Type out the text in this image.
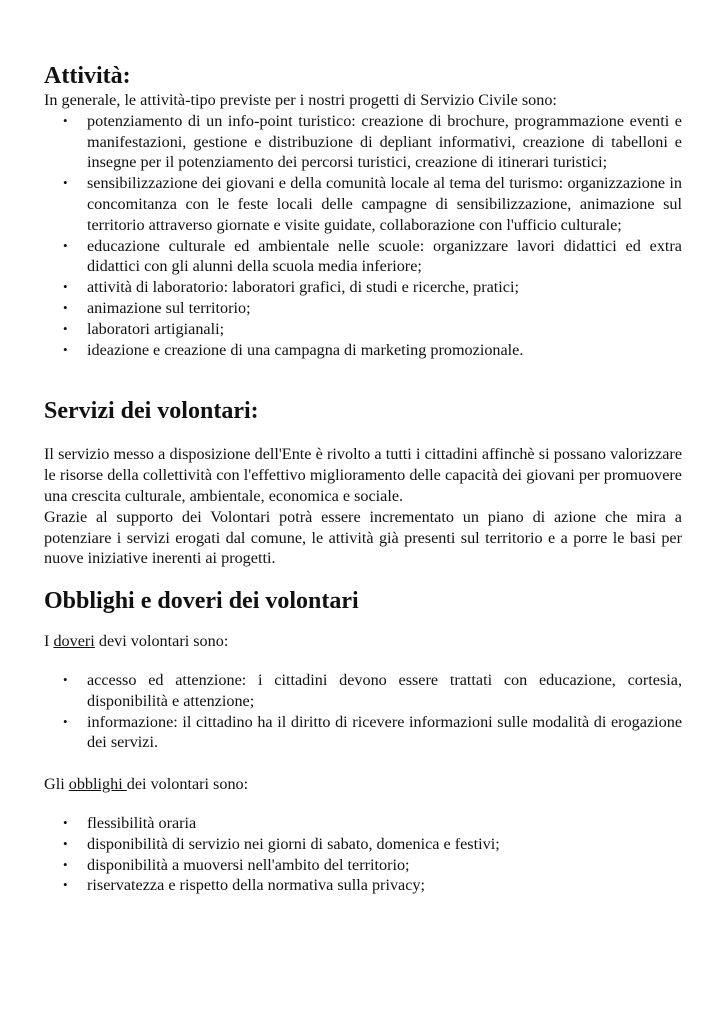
Attività:

In generale, le attività-tipo previste per i nostri progetti di Servizio Civile sono:

• potenziamento di un info-point turistico: creazione di brochure, programmazione eventi e manifestazioni, gestione e distribuzione di depliant informativi, creazione di tabelloni e insegne per il potenziamento dei percorsi turistici, creazione di itinerari turistici;
• sensibilizzazione dei giovani e della comunità locale al tema del turismo: organizzazione in concomitanza con le feste locali delle campagne di sensibilizzazione, animazione sul territorio attraverso giornate e visite guidate, collaborazione con l'ufficio culturale;
• educazione culturale ed ambientale nelle scuole: organizzare lavori didattici ed extra didattici con gli alunni della scuola media inferiore;
• attività di laboratorio: laboratori grafici, di studi e ricerche, pratici;
• animazione sul territorio;
• laboratori artigianali;
• ideazione e creazione di una campagna di marketing promozionale.
Servizi dei volontari:

Il servizio messo a disposizione dell'Ente è rivolto a tutti i cittadini affinchè si possano valorizzare le risorse della collettività con l'effettivo miglioramento delle capacità dei giovani per promuovere una crescita culturale, ambientale, economica e sociale.

Grazie al supporto dei Volontari potrà essere incrementato un piano di azione che mira a potenziare i servizi erogati dal comune, le attività già presenti sul territorio e a porre le basi per nuove iniziative inerenti ai progetti.

Obblighi e doveri dei volontari

I doveri devi volontari sono:

• accesso ed attenzione: i cittadini devono essere trattati con educazione, cortesia, disponibilità e attenzione;
• informazione: il cittadino ha il diritto di ricevere informazioni sulle modalità di erogazione dei servizi.

Gli obblighi dei volontari sono:

• flessibilità oraria
• disponibilità di servizio nei giorni di sabato, domenica e festivi;
• disponibilità a muoversi nell'ambito del territorio;
• riservatezza e rispetto della normativa sulla privacy;
